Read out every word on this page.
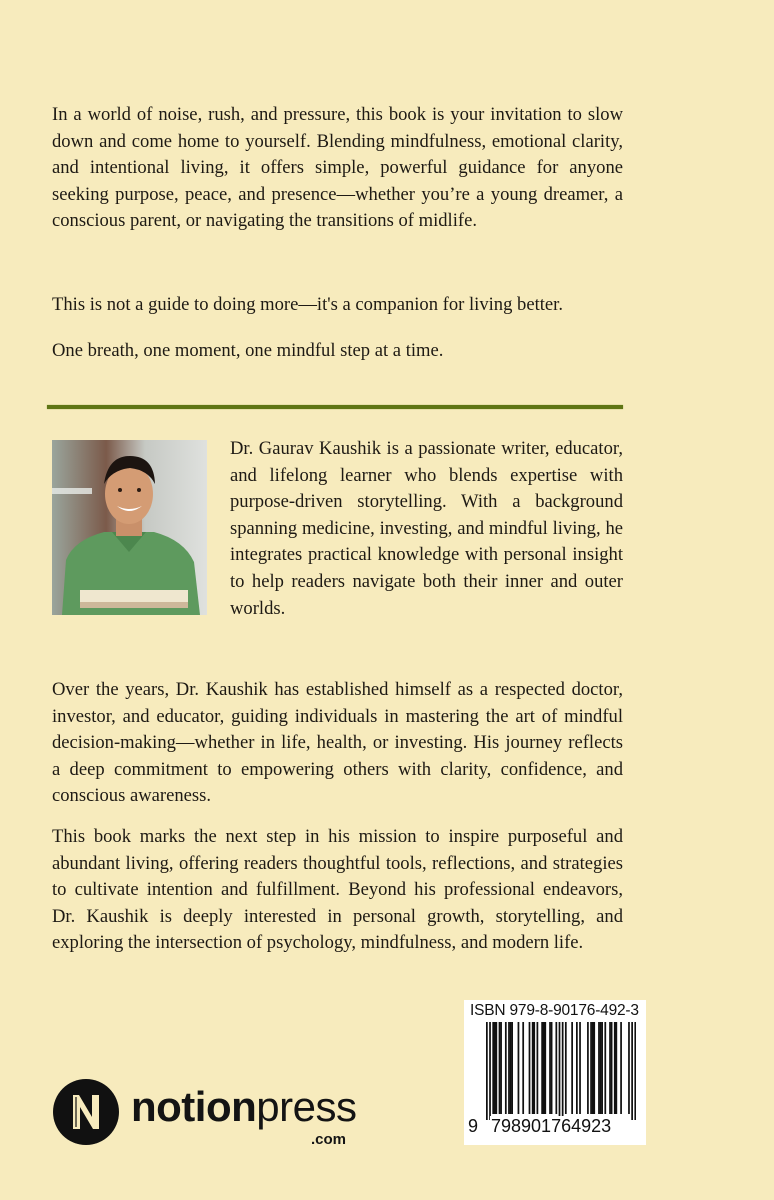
In a world of noise, rush, and pressure, this book is your invitation to slow down and come home to yourself. Blending mindfulness, emotional clarity, and intentional living, it offers simple, powerful guidance for anyone seeking purpose, peace, and presence—whether you’re a young dreamer, a conscious parent, or navigating the transitions of midlife.

This is not a guide to doing more—it's a companion for living better.

One breath, one moment, one mindful step at a time.

Dr. Gaurav Kaushik is a passionate writer, educator, and lifelong learner who blends expertise with purpose-driven storytelling. With a background spanning medicine, investing, and mindful living, he integrates practical knowledge with personal insight to help readers navigate both their inner and outer worlds.

Over the years, Dr. Kaushik has established himself as a respected doctor, investor, and educator, guiding individuals in mastering the art of mindful decision-making—whether in life, health, or investing. His journey reflects a deep commitment to empowering others with clarity, confidence, and conscious awareness.

This book marks the next step in his mission to inspire purposeful and abundant living, offering readers thoughtful tools, reflections, and strategies to cultivate intention and fulfillment. Beyond his professional endeavors, Dr. Kaushik is deeply interested in personal growth, storytelling, and exploring the intersection of psychology, mindfulness, and modern life.

notionpress
.com
ISBN 979-8-90176-492-3
9 798901764923
